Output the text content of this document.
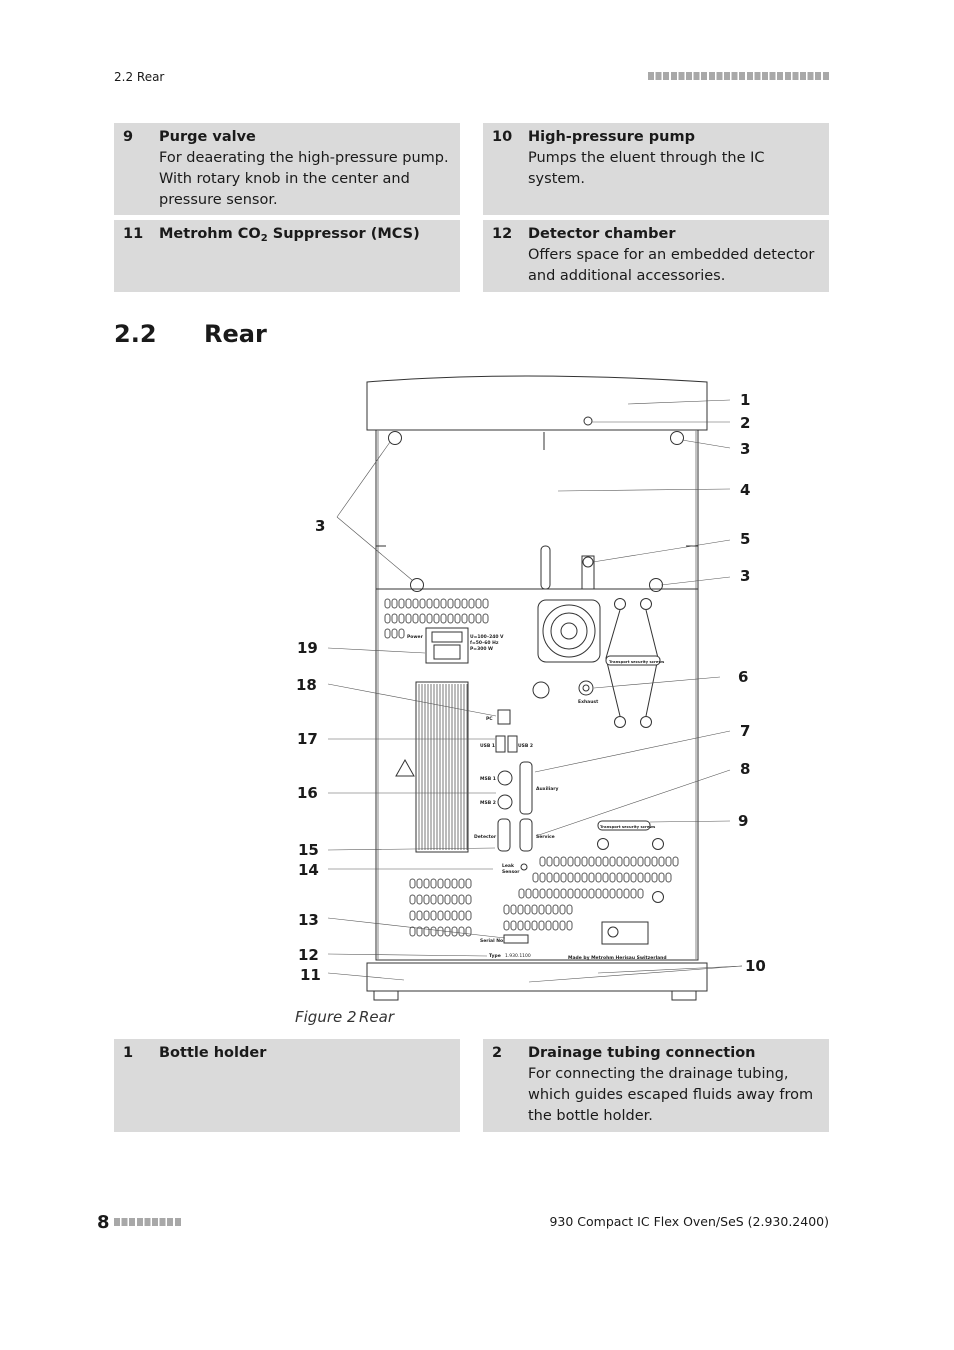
2.2 Rear
9 Purge valve
For deaerating the high-pressure pump. With rotary knob in the center and pressure sensor.
10 High-pressure pump
Pumps the eluent through the IC system.
11 Metrohm $CO_2$ Suppressor (MCS)	12 Detector chamber
Offers space for an embedded detector and additional accessories.
2.2 Rear
Power	U=100–240 V
f=50–60 Hz
P=300 W
PC
USB 1	USB 2
MSB 1
MSB 2
Auxiliary
Detector	Service
Exhaust
Transport security screws
Transport security screws
Leak
Sensor
Serial No.
Type 1.930.1100	Made by Metrohm Herisau Switzerland
1
2
3
4
5
3
6
7
8
9
10
3
19
18
17
16
15
14
13
12
11
Figure 2 Rear
1 Bottle holder	2 Drainage tubing connection
For connecting the drainage tubing, which guides escaped fluids away from the bottle holder.
8	930 Compact IC Flex Oven/SeS (2.930.2400)
